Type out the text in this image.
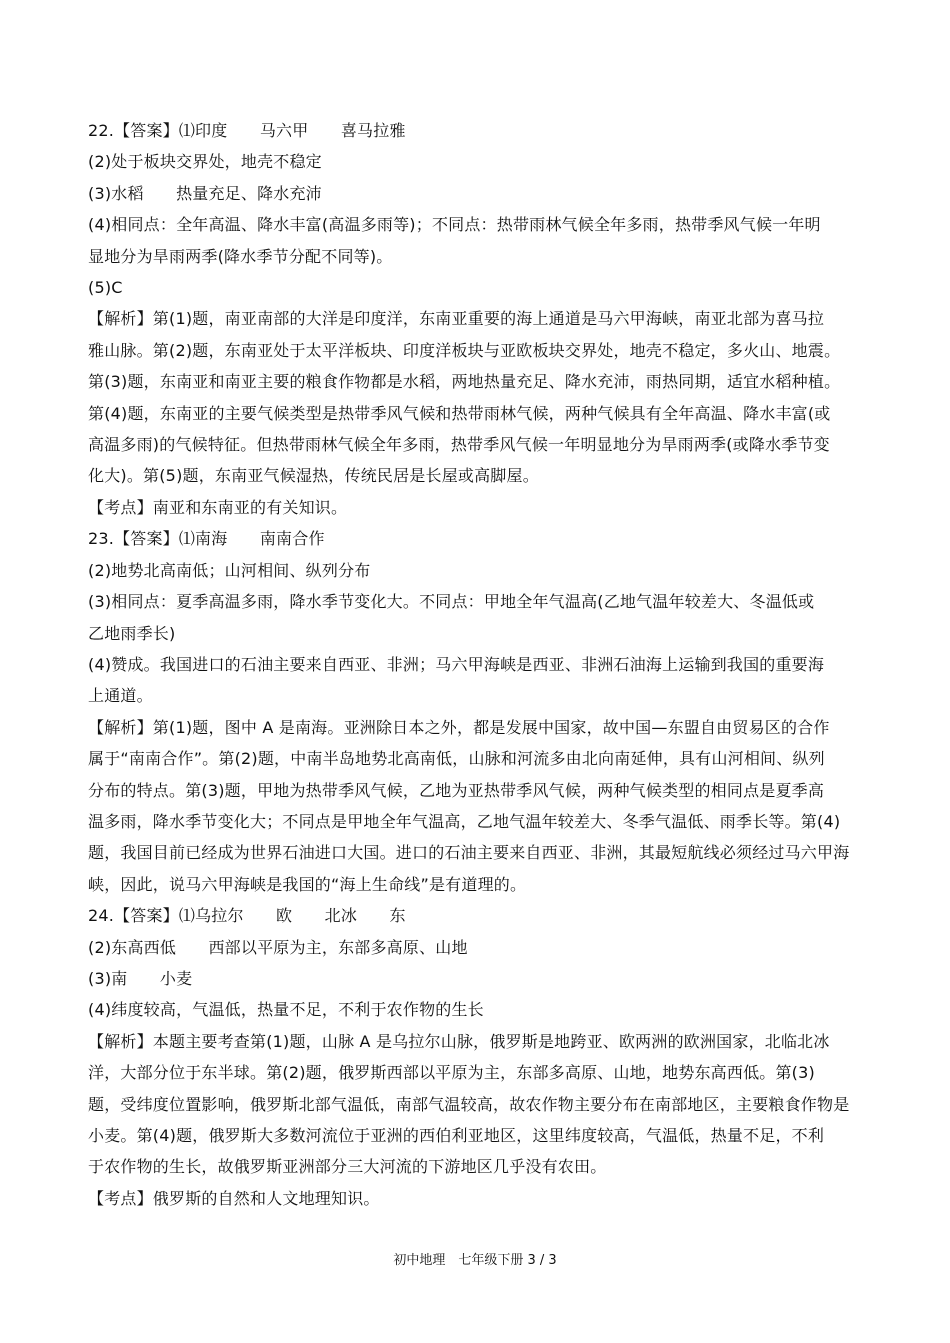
22.【答案】⑴印度　　马六甲　　喜马拉雅
(2)处于板块交界处，地壳不稳定
(3)水稻　　热量充足、降水充沛
(4)相同点：全年高温、降水丰富(高温多雨等)；不同点：热带雨林气候全年多雨，热带季风气候一年明
显地分为旱雨两季(降水季节分配不同等)。
(5)C
【解析】第(1)题，南亚南部的大洋是印度洋，东南亚重要的海上通道是马六甲海峡，南亚北部为喜马拉
雅山脉。第(2)题，东南亚处于太平洋板块、印度洋板块与亚欧板块交界处，地壳不稳定，多火山、地震。
第(3)题，东南亚和南亚主要的粮食作物都是水稻，两地热量充足、降水充沛，雨热同期，适宜水稻种植。
第(4)题，东南亚的主要气候类型是热带季风气候和热带雨林气候，两种气候具有全年高温、降水丰富(或
高温多雨)的气候特征。但热带雨林气候全年多雨，热带季风气候一年明显地分为旱雨两季(或降水季节变
化大)。第(5)题，东南亚气候湿热，传统民居是长屋或高脚屋。
【考点】南亚和东南亚的有关知识。
23.【答案】⑴南海　　南南合作
(2)地势北高南低；山河相间、纵列分布
(3)相同点：夏季高温多雨，降水季节变化大。不同点：甲地全年气温高(乙地气温年较差大、冬温低或
乙地雨季长)
(4)赞成。我国进口的石油主要来自西亚、非洲；马六甲海峡是西亚、非洲石油海上运输到我国的重要海
上通道。
【解析】第(1)题，图中 A 是南海。亚洲除日本之外，都是发展中国家，故中国—东盟自由贸易区的合作
属于“南南合作”。第(2)题，中南半岛地势北高南低，山脉和河流多由北向南延伸，具有山河相间、纵列
分布的特点。第(3)题，甲地为热带季风气候，乙地为亚热带季风气候，两种气候类型的相同点是夏季高
温多雨，降水季节变化大；不同点是甲地全年气温高，乙地气温年较差大、冬季气温低、雨季长等。第(4)
题，我国目前已经成为世界石油进口大国。进口的石油主要来自西亚、非洲，其最短航线必须经过马六甲海
峡，因此，说马六甲海峡是我国的“海上生命线”是有道理的。
24.【答案】⑴乌拉尔　　欧　　北冰　　东
(2)东高西低　　西部以平原为主，东部多高原、山地
(3)南　　小麦
(4)纬度较高，气温低，热量不足，不利于农作物的生长
【解析】本题主要考查第(1)题，山脉 A 是乌拉尔山脉，俄罗斯是地跨亚、欧两洲的欧洲国家，北临北冰
洋，大部分位于东半球。第(2)题，俄罗斯西部以平原为主，东部多高原、山地，地势东高西低。第(3)
题，受纬度位置影响，俄罗斯北部气温低，南部气温较高，故农作物主要分布在南部地区，主要粮食作物是
小麦。第(4)题，俄罗斯大多数河流位于亚洲的西伯利亚地区，这里纬度较高，气温低，热量不足，不利
于农作物的生长，故俄罗斯亚洲部分三大河流的下游地区几乎没有农田。
【考点】俄罗斯的自然和人文地理知识。
初中地理　七年级下册 3 / 3
